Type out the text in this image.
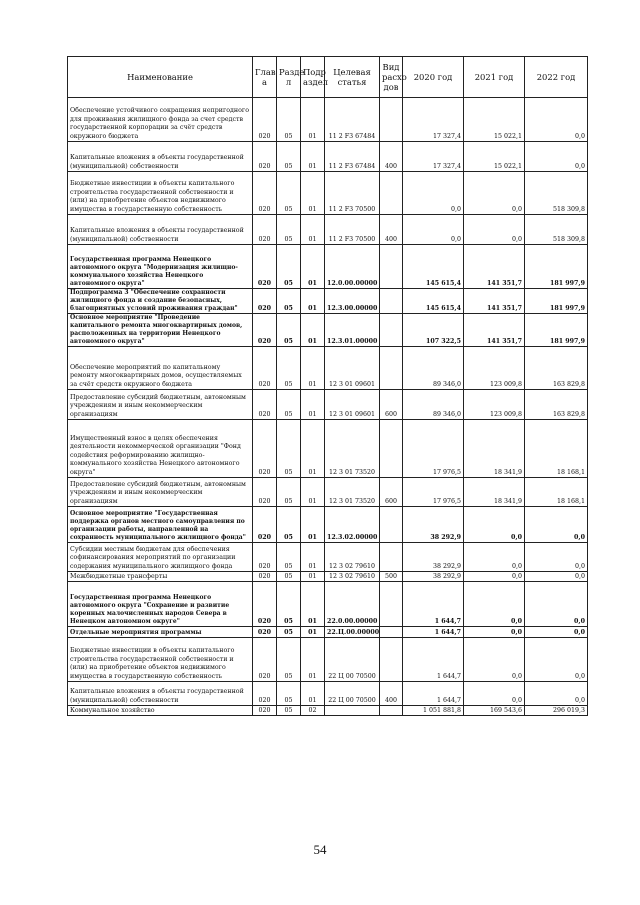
Наименование	Глав а	Разде л	Подр аздел	Целевая статья	Вид расхо дов	2020 год	2021 год	2022 год
Обеспечение устойчивого сокращения непригодного для проживания жилищного фонда за счет средств государственной корпорации за счёт средств окружного бюджета	020	05	01	11 2 F3 67484		17 327,4	15 022,1	0,0
Капитальные вложения в объекты государственной (муниципальной) собственности	020	05	01	11 2 F3 67484	400	17 327,4	15 022,1	0,0
Бюджетные инвестиции в объекты капитального строительства государственной собственности и (или) на приобретение объектов недвижимого имущества в государственную собственность	020	05	01	11 2 F3 70500		0,0	0,0	518 309,8
Капитальные вложения в объекты государственной (муниципальной) собственности	020	05	01	11 2 F3 70500	400	0,0	0,0	518 309,8
Государственная программа Ненецкого автономного округа "Модернизация жилищно-коммунального хозяйства Ненецкого автономного округа"	020	05	01	12.0.00.00000		145 615,4	141 351,7	181 997,9
Подпрограмма 3 "Обеспечение сохранности жилищного фонда и создание безопасных, благоприятных условий проживания граждан"	020	05	01	12.3.00.00000		145 615,4	141 351,7	181 997,9
Основное мероприятие "Проведение капитального ремонта многоквартирных домов, расположенных на территории Ненецкого автономного округа"	020	05	01	12.3.01.00000		107 322,5	141 351,7	181 997,9
Обеспечение мероприятий по капитальному ремонту многоквартирных домов, осуществляемых за счёт средств окружного бюджета	020	05	01	12 3 01 09601		89 346,0	123 009,8	163 829,8
Предоставление субсидий бюджетным, автономным учреждениям и иным некоммерческим организациям	020	05	01	12 3 01 09601	600	89 346,0	123 009,8	163 829,8
Имущественный взнос в целях обеспечения деятельности некоммерческой организации "Фонд содействия реформированию жилищно-коммунального хозяйства Ненецкого автономного округа"	020	05	01	12 3 01 73520		17 976,5	18 341,9	18 168,1
Предоставление субсидий бюджетным, автономным учреждениям и иным некоммерческим организациям	020	05	01	12 3 01 73520	600	17 976,5	18 341,9	18 168,1
Основное мероприятие "Государственная поддержка органов местного самоуправления по организации работы, направленной на сохранность муниципального жилищного фонда"	020	05	01	12.3.02.00000		38 292,9	0,0	0,0
Субсидии местным бюджетам для обеспечения софинансирования мероприятий по организации содержания муниципального жилищного фонда	020	05	01	12 3 02 79610		38 292,9	0,0	0,0
Межбюджетные трансферты	020	05	01	12 3 02 79610	500	38 292,9	0,0	0,0
Государственная программа Ненецкого автономного округа "Сохранение и развитие коренных малочисленных народов Севера в Ненецком автономном округе"	020	05	01	22.0.00.00000		1 644,7	0,0	0,0
Отдельные мероприятия программы	020	05	01	22.Ц.00.00000		1 644,7	0,0	0,0
Бюджетные инвестиции в объекты капитального строительства государственной собственности и (или) на приобретение объектов недвижимого имущества в государственную собственность	020	05	01	22 Ц 00 70500		1 644,7	0,0	0,0
Капитальные вложения в объекты государственной (муниципальной) собственности	020	05	01	22 Ц 00 70500	400	1 644,7	0,0	0,0
Коммунальное хозяйство	020	05	02			1 051 881,8	169 543,6	296 019,3
54
